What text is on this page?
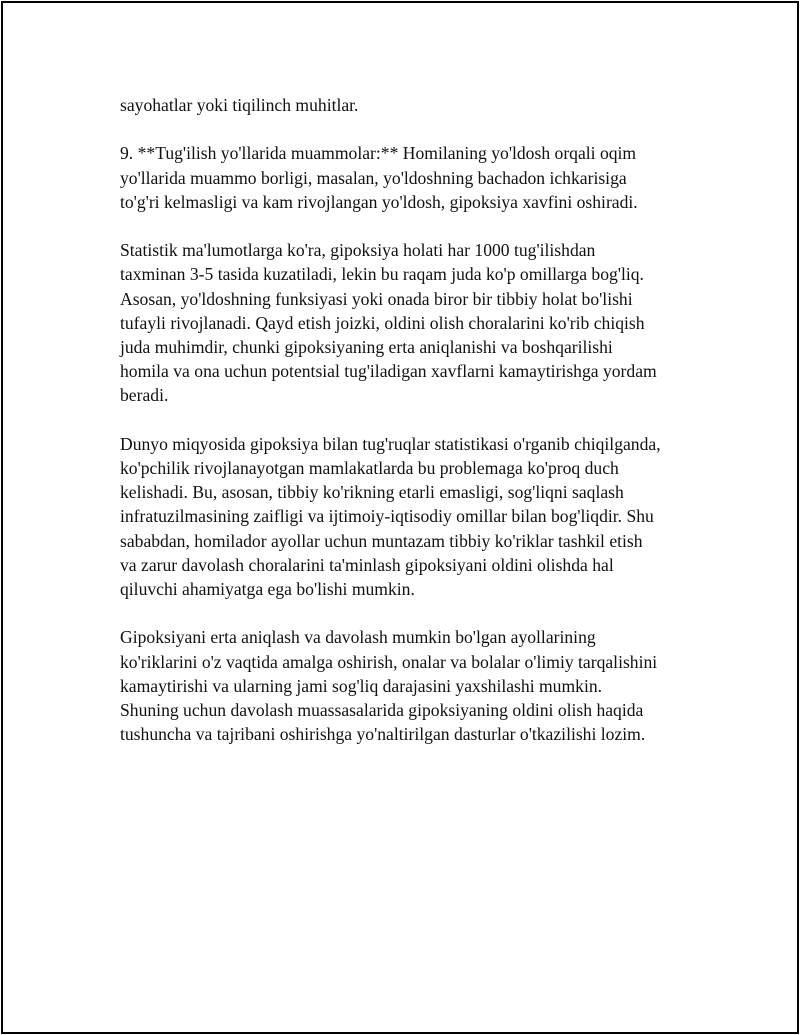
sayohatlar yoki tiqilinch muhitlar.

9. **Tug'ilish yo'llarida muammolar:** Homilaning yo'ldosh orqali oqim
yo'llarida muammo borligi, masalan, yo'ldoshning bachadon ichkarisiga
to'g'ri kelmasligi va kam rivojlangan yo'ldosh, gipoksiya xavfini oshiradi.

Statistik ma'lumotlarga ko'ra, gipoksiya holati har 1000 tug'ilishdan
taxminan 3-5 tasida kuzatiladi, lekin bu raqam juda ko'p omillarga bog'liq.
Asosan, yo'ldoshning funksiyasi yoki onada biror bir tibbiy holat bo'lishi
tufayli rivojlanadi. Qayd etish joizki, oldini olish choralarini ko'rib chiqish
juda muhimdir, chunki gipoksiyaning erta aniqlanishi va boshqarilishi
homila va ona uchun potentsial tug'iladigan xavflarni kamaytirishga yordam
beradi.

Dunyo miqyosida gipoksiya bilan tug'ruqlar statistikasi o'rganib chiqilganda,
ko'pchilik rivojlanayotgan mamlakatlarda bu problemaga ko'proq duch
kelishadi. Bu, asosan, tibbiy ko'rikning etarli emasligi, sog'liqni saqlash
infratuzilmasining zaifligi va ijtimoiy-iqtisodiy omillar bilan bog'liqdir. Shu
sababdan, homilador ayollar uchun muntazam tibbiy ko'riklar tashkil etish
va zarur davolash choralarini ta'minlash gipoksiyani oldini olishda hal
qiluvchi ahamiyatga ega bo'lishi mumkin.

Gipoksiyani erta aniqlash va davolash mumkin bo'lgan ayollarining
ko'riklarini o'z vaqtida amalga oshirish, onalar va bolalar o'limiy tarqalishini
kamaytirishi va ularning jami sog'liq darajasini yaxshilashi mumkin.
Shuning uchun davolash muassasalarida gipoksiyaning oldini olish haqida
tushuncha va tajribani oshirishga yo'naltirilgan dasturlar o'tkazilishi lozim.
